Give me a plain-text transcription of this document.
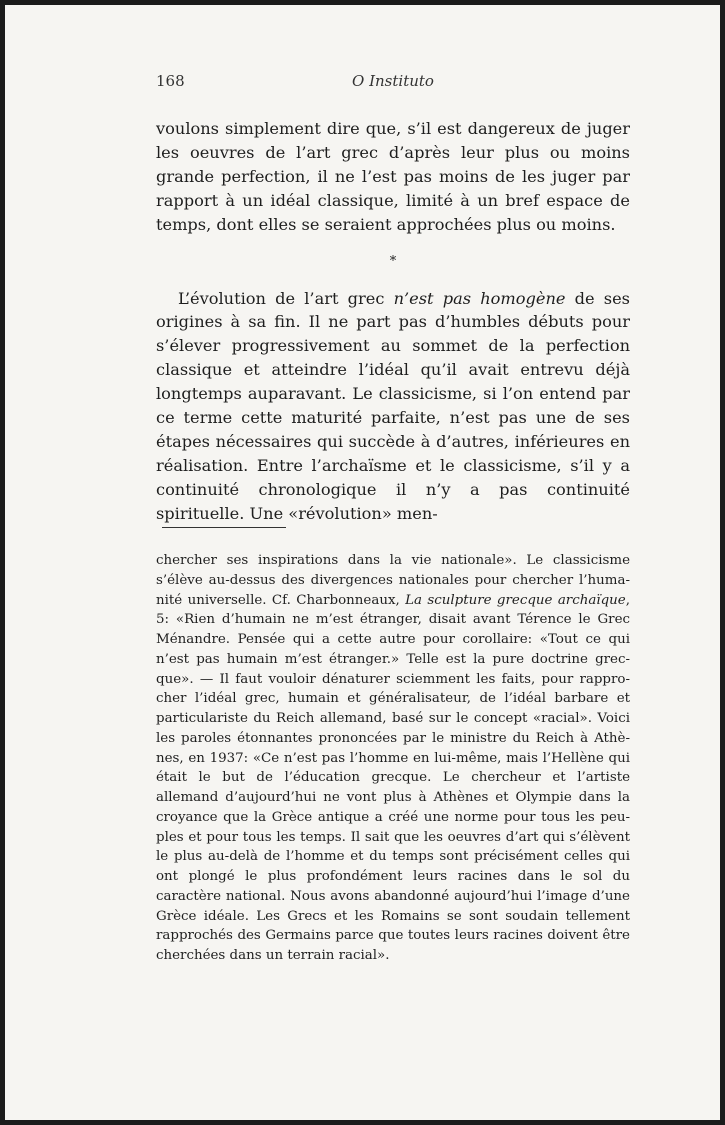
168	O Instituto

voulons simplement dire que, s’il est dangereux de juger les oeuvres de l’art grec d’après leur plus ou moins grande perfection, il ne l’est pas moins de les juger par rapport à un idéal classique, limité à un bref espace de temps, dont elles se seraient approchées plus ou moins.

*

L’évolution de l’art grec n’est pas homogène de ses origines à sa fin. Il ne part pas d’humbles débuts pour s’élever progressivement au sommet de la perfection classique et atteindre l’idéal qu’il avait entrevu déjà longtemps auparavant. Le classicisme, si l’on entend par ce terme cette maturité parfaite, n’est pas une de ses étapes nécessaires qui succède à d’autres, inférieures en réalisation. Entre l’archaïsme et le classicisme, s’il y a continuité chronologique il n’y a pas continuité spirituelle. Une «révolution» men-

chercher ses inspirations dans la vie nationale». Le classicisme s’élève au-dessus des divergences nationales pour chercher l’humanité universelle. Cf. Charbonneaux, La sculpture grecque archaïque, 5: «Rien d’humain ne m’est étranger, disait avant Térence le Grec Ménandre. Pensée qui a cette autre pour corollaire: «Tout ce qui n’est pas humain m’est étranger.» Telle est la pure doctrine grecque». — Il faut vouloir dénaturer sciemment les faits, pour rapprocher l’idéal grec, humain et généralisateur, de l’idéal barbare et particulariste du Reich allemand, basé sur le concept «racial». Voici les paroles étonnantes prononcées par le ministre du Reich à Athènes, en 1937: «Ce n’est pas l’homme en lui-même, mais l’Hellène qui était le but de l’éducation grecque. Le chercheur et l’artiste allemand d’aujourd’hui ne vont plus à Athènes et Olympie dans la croyance que la Grèce antique a créé une norme pour tous les peuples et pour tous les temps. Il sait que les oeuvres d’art qui s’élèvent le plus au-delà de l’homme et du temps sont précisément celles qui ont plongé le plus profondément leurs racines dans le sol du caractère national. Nous avons abandonné aujourd’hui l’image d’une Grèce idéale. Les Grecs et les Romains se sont soudain tellement rapprochés des Germains parce que toutes leurs racines doivent être cherchées dans un terrain racial».
